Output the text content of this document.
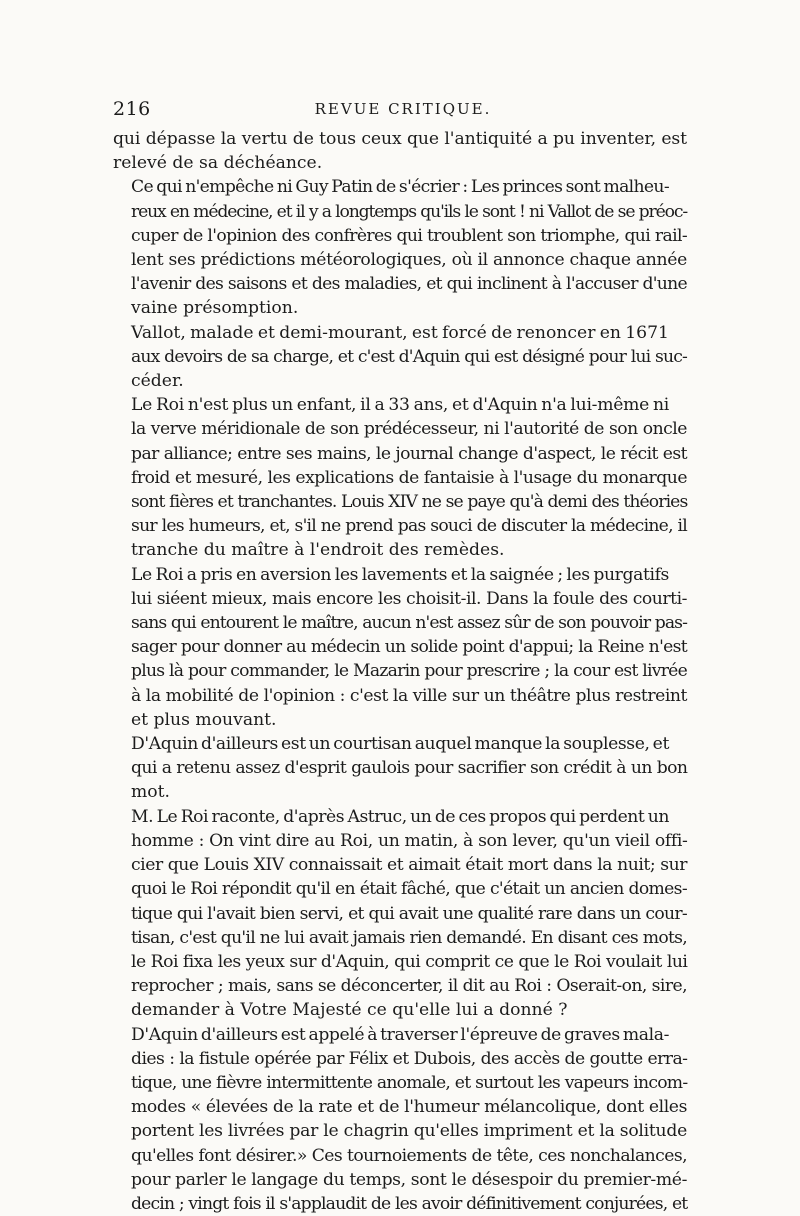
216	REVUE CRITIQUE.

qui dépasse la vertu de tous ceux que l'antiquité a pu inventer, est
relevé de sa déchéance.

Ce qui n'empêche ni Guy Patin de s'écrier : Les princes sont malheu-
reux en médecine, et il y a longtemps qu'ils le sont ! ni Vallot de se préoc-
cuper de l'opinion des confrères qui troublent son triomphe, qui rail-
lent ses prédictions météorologiques, où il annonce chaque année
l'avenir des saisons et des maladies, et qui inclinent à l'accuser d'une
vaine présomption.

Vallot, malade et demi-mourant, est forcé de renoncer en 1671
aux devoirs de sa charge, et c'est d'Aquin qui est désigné pour lui suc-
céder.

Le Roi n'est plus un enfant, il a 33 ans, et d'Aquin n'a lui-même ni
la verve méridionale de son prédécesseur, ni l'autorité de son oncle
par alliance; entre ses mains, le journal change d'aspect, le récit est
froid et mesuré, les explications de fantaisie à l'usage du monarque
sont fières et tranchantes. Louis XIV ne se paye qu'à demi des théories
sur les humeurs, et, s'il ne prend pas souci de discuter la médecine, il
tranche du maître à l'endroit des remèdes.

Le Roi a pris en aversion les lavements et la saignée ; les purgatifs
lui siéent mieux, mais encore les choisit-il. Dans la foule des courti-
sans qui entourent le maître, aucun n'est assez sûr de son pouvoir pas-
sager pour donner au médecin un solide point d'appui; la Reine n'est
plus là pour commander, le Mazarin pour prescrire ; la cour est livrée
à la mobilité de l'opinion : c'est la ville sur un théâtre plus restreint
et plus mouvant.

D'Aquin d'ailleurs est un courtisan auquel manque la souplesse, et
qui a retenu assez d'esprit gaulois pour sacrifier son crédit à un bon
mot.

M. Le Roi raconte, d'après Astruc, un de ces propos qui perdent un
homme : On vint dire au Roi, un matin, à son lever, qu'un vieil offi-
cier que Louis XIV connaissait et aimait était mort dans la nuit; sur
quoi le Roi répondit qu'il en était fâché, que c'était un ancien domes-
tique qui l'avait bien servi, et qui avait une qualité rare dans un cour-
tisan, c'est qu'il ne lui avait jamais rien demandé. En disant ces mots,
le Roi fixa les yeux sur d'Aquin, qui comprit ce que le Roi voulait lui
reprocher ; mais, sans se déconcerter, il dit au Roi : Oserait-on, sire,
demander à Votre Majesté ce qu'elle lui a donné ?

D'Aquin d'ailleurs est appelé à traverser l'épreuve de graves mala-
dies : la fistule opérée par Félix et Dubois, des accès de goutte erra-
tique, une fièvre intermittente anomale, et surtout les vapeurs incom-
modes « élevées de la rate et de l'humeur mélancolique, dont elles
portent les livrées par le chagrin qu'elles impriment et la solitude
qu'elles font désirer.» Ces tournoiements de tête, ces nonchalances,
pour parler le langage du temps, sont le désespoir du premier-mé-
decin ; vingt fois il s'applaudit de les avoir définitivement conjurées, et
